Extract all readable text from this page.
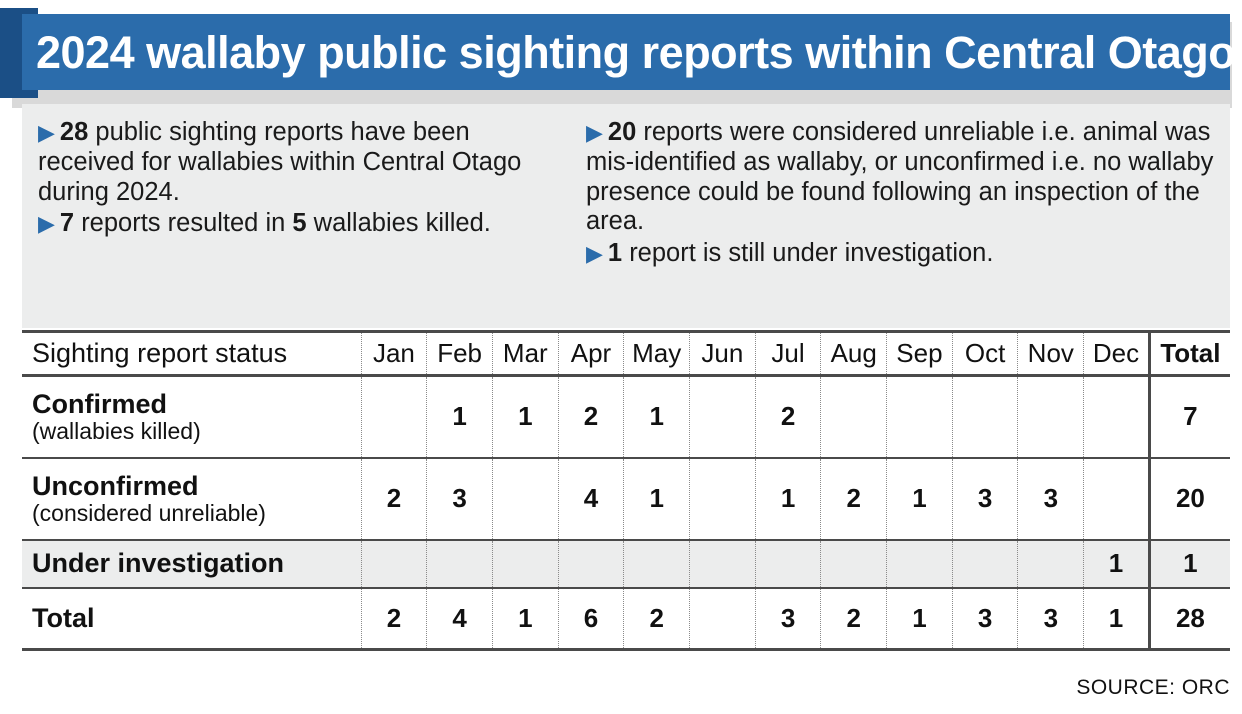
2024 wallaby public sighting reports within Central Otago
▶ 28 public sighting reports have been received for wallabies within Central Otago during 2024.
▶ 7 reports resulted in 5 wallabies killed.
▶ 20 reports were considered unreliable i.e. animal was mis-identified as wallaby, or unconfirmed i.e. no wallaby presence could be found following an inspection of the area.
▶ 1 report is still under investigation.
Sighting report status	Jan	Feb	Mar	Apr	May	Jun	Jul	Aug	Sep	Oct	Nov	Dec	Total

Confirmed
(wallabies killed)		1	1	2	1		2						7

Unconfirmed
(considered unreliable)	2	3		4	1		1	2	1	3	3		20

Under investigation												1	1

Total	2	4	1	6	2		3	2	1	3	3	1	28
SOURCE: ORC
